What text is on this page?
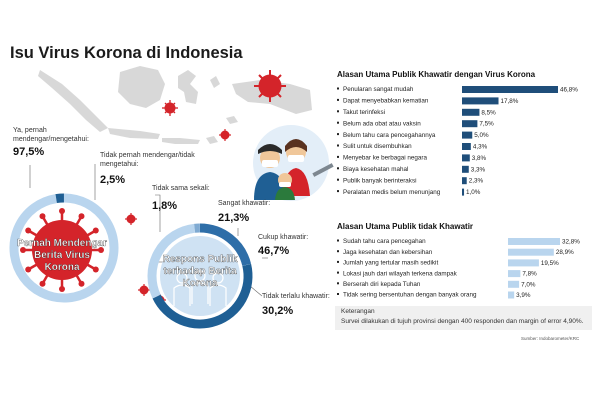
Isu Virus Korona di Indonesia
Ya, pernah mendengar/mengetahui:
97,5%	Tidak pernah mendengar/tidak mengetahui:
2,5%
Pernah Mendengar
Berita Virus
Korona
Tidak sama sekali:
1,8%	Sangat khawatir:
21,3%
Cukup khawatir:
46,7%
Tidak terlalu khawatir:
30,2%
Respons Publik
terhadap Berita
Korona
Alasan Utama Publik Khawatir dengan Virus Korona
Penularan sangat mudah	46,8%
Dapat menyebabkan kematian	17,8%
Takut terinfeksi	8,5%
Belum ada obat atau vaksin	7,5%
Belum tahu cara pencegahannya	5,0%
Sulit untuk disembuhkan	4,3%
Menyebar ke berbagai negara	3,8%
Biaya kesehatan mahal	3,3%
Publik banyak berinteraksi	2,3%
Peralatan medis belum menunjang	1,0%
Alasan Utama Publik tidak Khawatir
Sudah tahu cara pencegahan	32,8%
Jaga kesehatan dan kebersihan	28,9%
Jumlah yang tertular masih sedikit	19,5%
Lokasi jauh dari wilayah terkena dampak	7,8%
Berserah diri kepada Tuhan	7,0%
Tidak sering bersentuhan dengan banyak orang	3,9%
Keterangan
Survei dilakukan di tujuh provinsi dengan 400 responden dan margin of error 4,90%.
Sumber: Indobarometer/KRC
